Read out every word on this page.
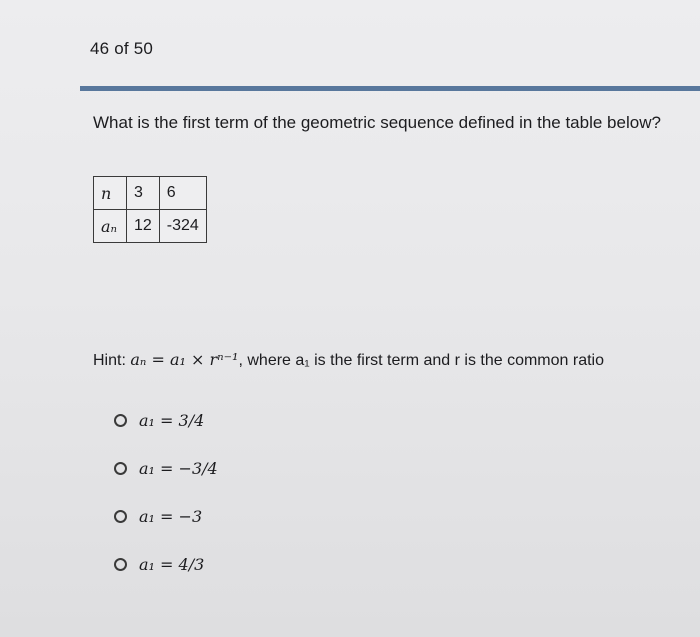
46 of 50
What is the first term of the geometric sequence defined in the table below?
n	3	6
aₙ	12	-324
Hint: aₙ = a₁ × rⁿ⁻¹, where a₁ is the first term and r is the common ratio
a₁ = 3/4
a₁ = −3/4
a₁ = −3
a₁ = 4/3
